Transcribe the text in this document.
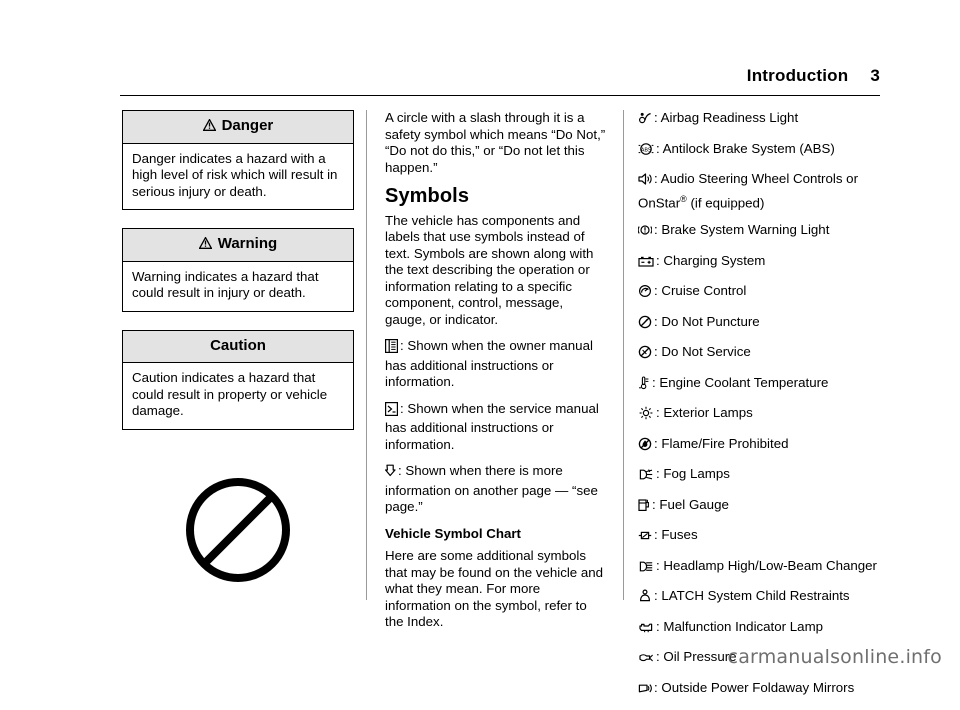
Introduction 3
Danger
Danger indicates a hazard with a high level of risk which will result in serious injury or death.
Warning
Warning indicates a hazard that could result in injury or death.
Caution
Caution indicates a hazard that could result in property or vehicle damage.

A circle with a slash through it is a safety symbol which means “Do Not,” “Do not do this,” or “Do not let this happen.”

Symbols

The vehicle has components and labels that use symbols instead of text. Symbols are shown along with the text describing the operation or information relating to a specific component, control, message, gauge, or indicator.

: Shown when the owner manual has additional instructions or information.

: Shown when the service manual has additional instructions or information.

: Shown when there is more information on another page — “see page.”

Vehicle Symbol Chart

Here are some additional symbols that may be found on the vehicle and what they mean. For more information on the symbol, refer to the Index.

: Airbag Readiness Light

ABS : Antilock Brake System (ABS)

: Audio Steering Wheel Controls or OnStar® (if equipped)

: Brake System Warning Light

: Charging System

: Cruise Control

: Do Not Puncture

: Do Not Service

: Engine Coolant Temperature

: Exterior Lamps

: Flame/Fire Prohibited

: Fog Lamps

: Fuel Gauge

: Fuses

: Headlamp High/Low-Beam Changer

: LATCH System Child Restraints

: Malfunction Indicator Lamp

: Oil Pressure

: Outside Power Foldaway Mirrors

carmanualsonline.info
